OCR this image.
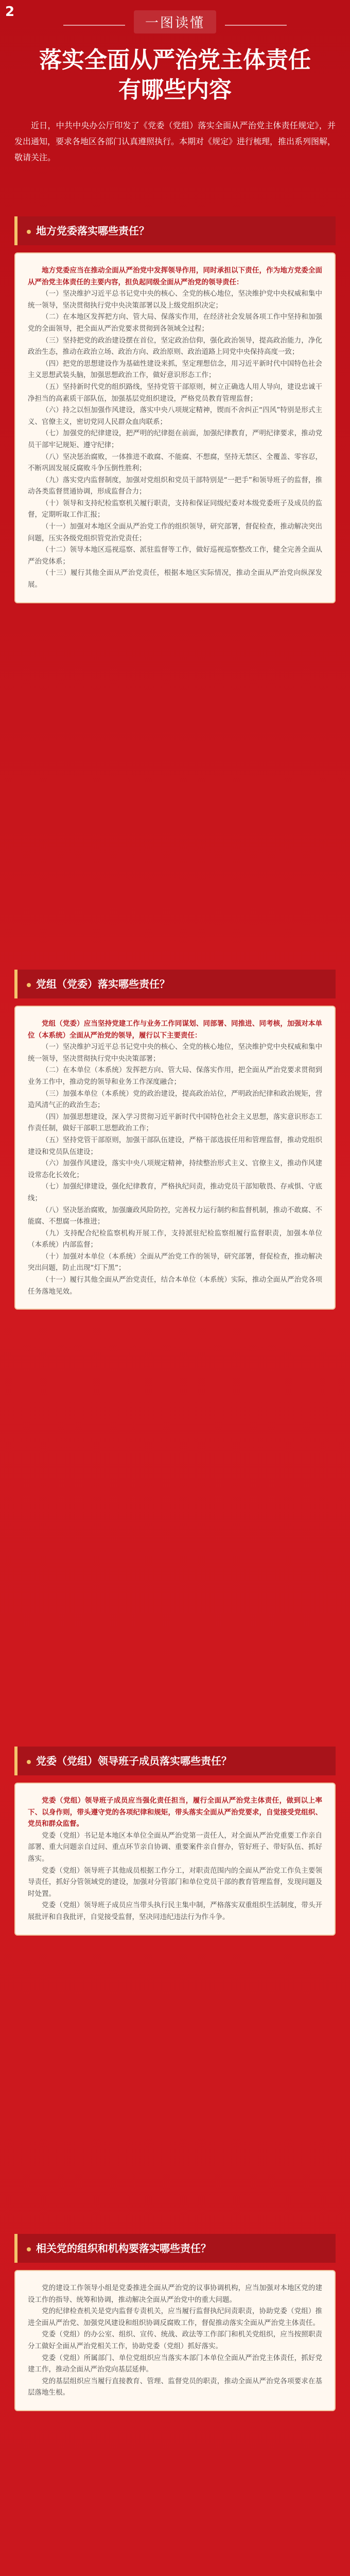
2
一图读懂
落实全面从严治党主体责任
有哪些内容
近日，中共中央办公厅印发了《党委（党组）落实全面从严治党主体责任规定》，并发出通知，要求各地区各部门认真遵照执行。本期对《规定》进行梳理，推出系列图解，敬请关注。
地方党委落实哪些责任？

地方党委应当在推动全面从严治党中发挥领导作用，同时承担以下责任，作为地方党委全面从严治党主体责任的主要内容，担负起同级全面从严治党的领导责任：

（一）坚决维护习近平总书记党中央的核心、全党的核心地位，坚决维护党中央权威和集中统一领导，坚决贯彻执行党中央决策部署以及上级党组织决定；

（二）在本地区发挥把方向、管大局、保落实作用，在经济社会发展各项工作中坚持和加强党的全面领导，把全面从严治党要求贯彻到各领域全过程；

（三）坚持把党的政治建设摆在首位，坚定政治信仰，强化政治领导，提高政治能力，净化政治生态，推动在政治立场、政治方向、政治原则、政治道路上同党中央保持高度一致；

（四）把党的思想建设作为基础性建设来抓，坚定理想信念，用习近平新时代中国特色社会主义思想武装头脑，加强思想政治工作，做好意识形态工作；

（五）坚持新时代党的组织路线，坚持党管干部原则，树立正确选人用人导向，建设忠诚干净担当的高素质干部队伍，加强基层党组织建设，严格党员教育管理监督；

（六）持之以恒加强作风建设，落实中央八项规定精神，锲而不舍纠正“四风”特别是形式主义、官僚主义，密切党同人民群众血肉联系；

（七）加强党的纪律建设，把严明的纪律挺在前面，加强纪律教育，严明纪律要求，推动党员干部牢记规矩、遵守纪律；

（八）坚决惩治腐败，一体推进不敢腐、不能腐、不想腐，坚持无禁区、全覆盖、零容忍，不断巩固发展反腐败斗争压倒性胜利；

（九）落实党内监督制度，加强对党组织和党员干部特别是“一把手”和领导班子的监督，推动各类监督贯通协调，形成监督合力；

（十）领导和支持纪检监察机关履行职责，支持和保证同级纪委对本级党委班子及成员的监督，定期听取工作汇报；

（十一）加强对本地区全面从严治党工作的组织领导，研究部署，督促检查，推动解决突出问题，压实各级党组织管党治党责任；

（十二）领导本地区巡视巡察、派驻监督等工作，做好巡视巡察整改工作，健全完善全面从严治党体系；

（十三）履行其他全面从严治党责任，根据本地区实际情况，推动全面从严治党向纵深发展。

党组（党委）落实哪些责任？

党组（党委）应当坚持党建工作与业务工作同谋划、同部署、同推进、同考核，加强对本单位（本系统）全面从严治党的领导，履行以下主要责任：

（一）坚决维护习近平总书记党中央的核心、全党的核心地位，坚决维护党中央权威和集中统一领导，坚决贯彻执行党中央决策部署；

（二）在本单位（本系统）发挥把方向、管大局、保落实作用，把全面从严治党要求贯彻到业务工作中，推动党的领导和业务工作深度融合；

（三）加强本单位（本系统）党的政治建设，提高政治站位，严明政治纪律和政治规矩，营造风清气正的政治生态；

（四）加强思想建设，深入学习贯彻习近平新时代中国特色社会主义思想，落实意识形态工作责任制，做好干部职工思想政治工作；

（五）坚持党管干部原则，加强干部队伍建设，严格干部选拔任用和管理监督，推动党组织建设和党员队伍建设；

（六）加强作风建设，落实中央八项规定精神，持续整治形式主义、官僚主义，推动作风建设常态化长效化；

（七）加强纪律建设，强化纪律教育，严格执纪问责，推动党员干部知敬畏、存戒惧、守底线；

（八）坚决惩治腐败，加强廉政风险防控，完善权力运行制约和监督机制，推动不敢腐、不能腐、不想腐一体推进；

（九）支持配合纪检监察机构开展工作，支持派驻纪检监察组履行监督职责，加强本单位（本系统）内部监督；

（十）加强对本单位（本系统）全面从严治党工作的领导，研究部署，督促检查，推动解决突出问题，防止出现“灯下黑”；

（十一）履行其他全面从严治党责任，结合本单位（本系统）实际，推动全面从严治党各项任务落地见效。

党委（党组）领导班子成员落实哪些责任？

党委（党组）领导班子成员应当强化责任担当，履行全面从严治党主体责任，做到以上率下、以身作则，带头遵守党的各项纪律和规矩，带头落实全面从严治党要求，自觉接受党组织、党员和群众监督。

党委（党组）书记是本地区本单位全面从严治党第一责任人，对全面从严治党重要工作亲自部署、重大问题亲自过问、重点环节亲自协调、重要案件亲自督办，管好班子、带好队伍、抓好落实。

党委（党组）领导班子其他成员根据工作分工，对职责范围内的全面从严治党工作负主要领导责任，抓好分管领域党的建设，加强对分管部门和单位党员干部的教育管理监督，发现问题及时处置。

党委（党组）领导班子成员应当带头执行民主集中制，严格落实双重组织生活制度，带头开展批评和自我批评，自觉接受监督，坚决同违纪违法行为作斗争。

相关党的组织和机构要落实哪些责任？

党的建设工作领导小组是党委推进全面从严治党的议事协调机构，应当加强对本地区党的建设工作的指导、统筹和协调，推动解决全面从严治党中的重大问题。

党的纪律检查机关是党内监督专责机关，应当履行监督执纪问责职责，协助党委（党组）推进全面从严治党、加强党风建设和组织协调反腐败工作，督促推动落实全面从严治党主体责任。

党委（党组）的办公室、组织、宣传、统战、政法等工作部门和机关党组织，应当按照职责分工做好全面从严治党相关工作，协助党委（党组）抓好落实。

党委（党组）所属部门、单位党组织应当落实本部门本单位全面从严治党主体责任，抓好党建工作，推动全面从严治党向基层延伸。

党的基层组织应当履行直接教育、管理、监督党员的职责，推动全面从严治党各项要求在基层落地生根。
